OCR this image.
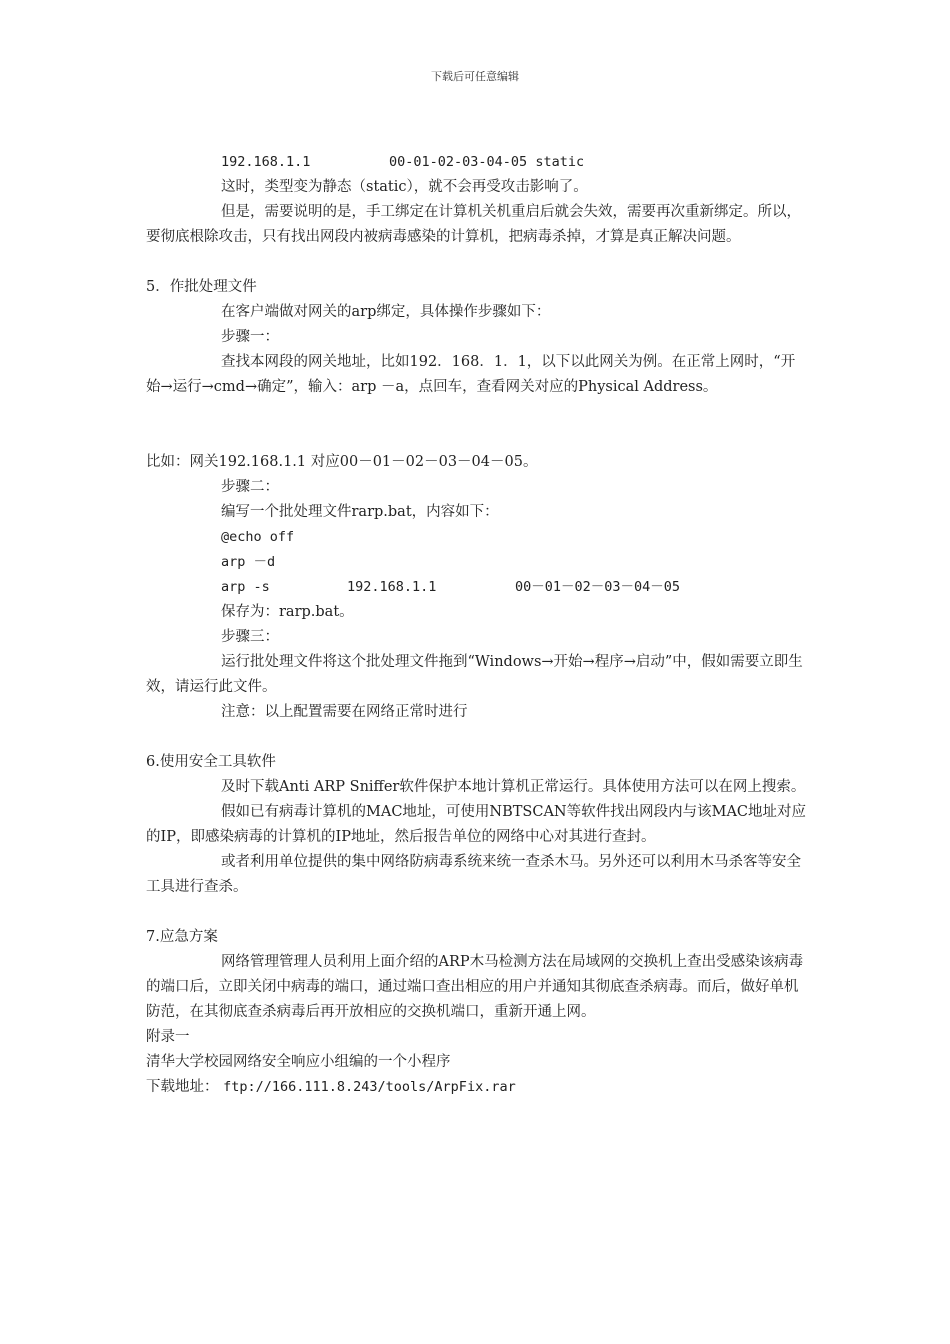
下载后可任意编辑

192.168.1.1	00-01-02-03-04-05 static

这时，类型变为静态（static），就不会再受攻击影响了。

但是，需要说明的是，手工绑定在计算机关机重启后就会失效，需要再次重新绑定。所以，要彻底根除攻击，只有找出网段内被病毒感染的计算机，把病毒杀掉，才算是真正解决问题。

5．作批处理文件

在客户端做对网关的arp绑定，具体操作步骤如下：

步骤一：

查找本网段的网关地址，比如192．168．1．1，以下以此网关为例。在正常上网时，“开始→运行→cmd→确定”，输入：arp －a，点回车，查看网关对应的Physical Address。

比如：网关192.168.1.1 对应00－01－02－03－04－05。

步骤二：

编写一个批处理文件rarp.bat，内容如下：

@echo off

arp －d

arp -s	192.168.1.1	00－01－02－03－04－05

保存为：rarp.bat。

步骤三：

运行批处理文件将这个批处理文件拖到“Windows→开始→程序→启动”中，假如需要立即生效，请运行此文件。

注意：以上配置需要在网络正常时进行

6.使用安全工具软件

及时下载Anti ARP Sniffer软件保护本地计算机正常运行。具体使用方法可以在网上搜索。

假如已有病毒计算机的MAC地址，可使用NBTSCAN等软件找出网段内与该MAC地址对应的IP，即感染病毒的计算机的IP地址，然后报告单位的网络中心对其进行查封。

或者利用单位提供的集中网络防病毒系统来统一查杀木马。另外还可以利用木马杀客等安全工具进行查杀。

7.应急方案

网络管理管理人员利用上面介绍的ARP木马检测方法在局域网的交换机上查出受感染该病毒的端口后，立即关闭中病毒的端口，通过端口查出相应的用户并通知其彻底查杀病毒。而后，做好单机防范，在其彻底查杀病毒后再开放相应的交换机端口，重新开通上网。

附录一

清华大学校园网络安全响应小组编的一个小程序

下载地址： ftp://166.111.8.243/tools/ArpFix.rar
